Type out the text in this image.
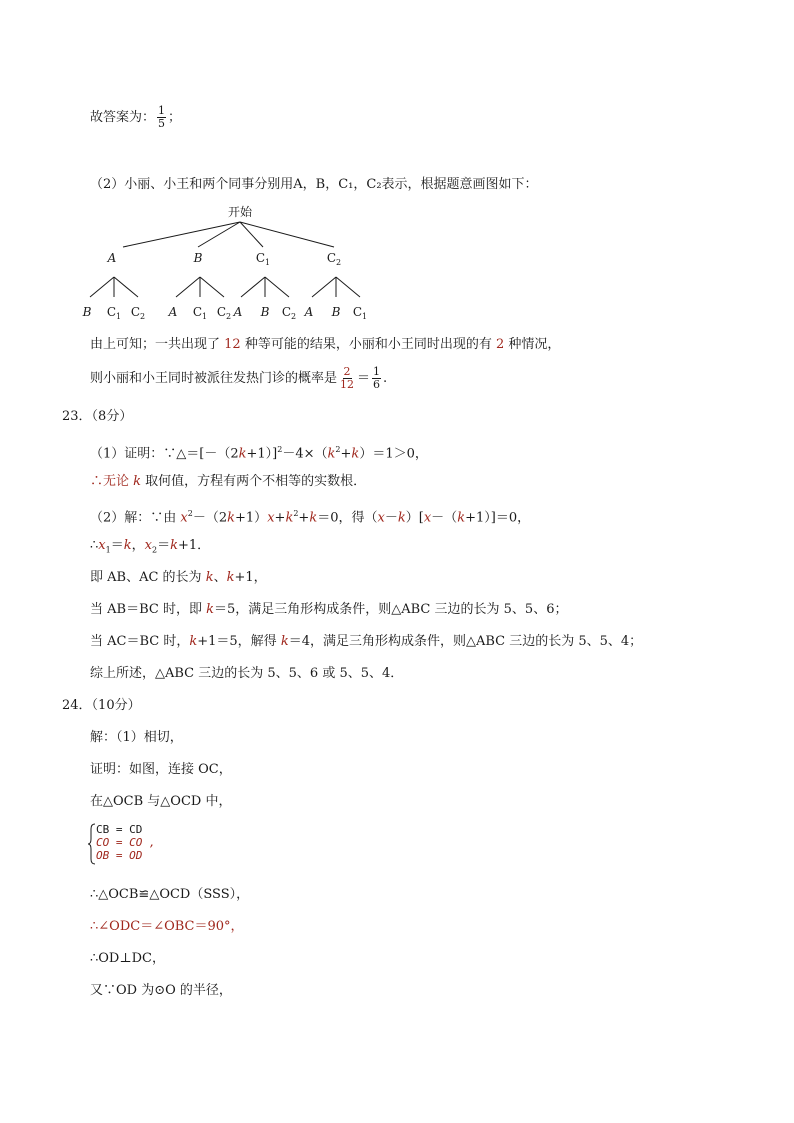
故答案为： $\frac{1}{5}$ ；
（2）小丽、小王和两个同事分别用A，B，C₁，C₂表示，根据题意画图如下：
开始
A
B $C_1$ $C_2$
B
A $C_1$ $C_2$
$C_1$
A B $C_2$
$C_2$
A B $C_1$
由上可知；一共出现了 12 种等可能的结果，小丽和小王同时出现的有 2 种情况，
则小丽和小王同时被派往发热门诊的概率是 $\frac{2}{12} = \frac{1}{6}$ .
23．（8分）
（1）证明：$\because\triangle=[-(2k+1)]^2-4\times(k^2+k)=1>0$，
∴无论 k 取何值，方程有两个不相等的实数根．
（2）解：∵由 $x^2-(2k+1)x+k^2+k=0$，得（x－k）[x－（k+1）]＝0，
$\therefore x_1=k$，$x_2=k+1$．
即 AB、AC 的长为 k、k+1，
当 AB＝BC 时，即 k＝5，满足三角形构成条件，则△ABC 三边的长为 5、5、6；
当 AC＝BC 时，k+1＝5，解得 k＝4，满足三角形构成条件，则△ABC 三边的长为 5、5、4；
综上所述，△ABC 三边的长为 5、5、6 或 5、5、4．
24．（10分）
解：（1）相切，
证明：如图，连接 OC，
在△OCB 与△OCD 中，
CB = CD
CO = CO ,
OB = OD
∴△OCB≌△OCD（SSS），
∴∠ODC＝∠OBC＝90°，
∴OD⊥DC，
又∵OD 为⊙O 的半径，
